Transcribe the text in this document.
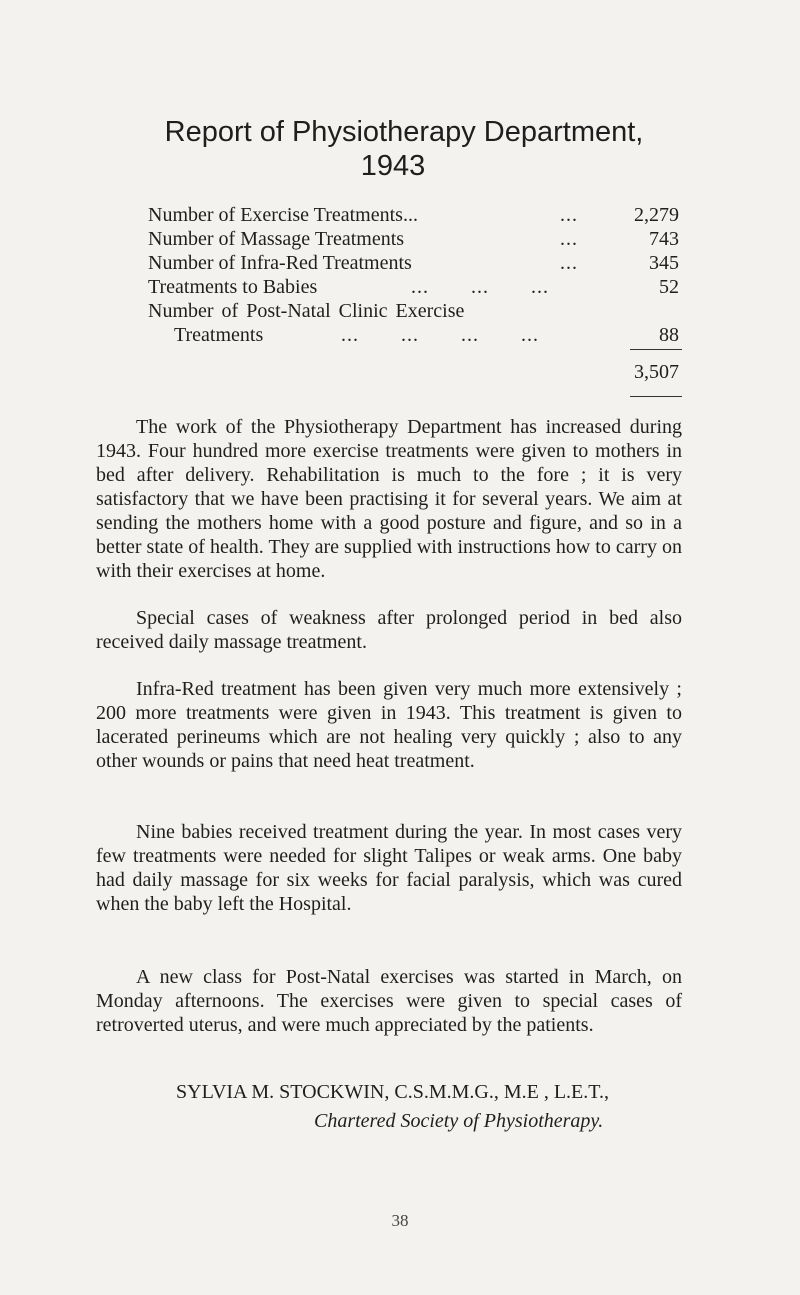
Report of Physiotherapy Department,
1943
Number of Exercise Treatments...	...	2,279
Number of Massage Treatments	...	743
Number of Infra-Red Treatments	...	345
Treatments to Babies	...       ...       ...	52
Number of Post-Natal Clinic Exercise
Treatments	...       ...       ...       ...	88
3,507

The work of the Physiotherapy Department has increased during 1943. Four hundred more exercise treatments were given to mothers in bed after delivery. Rehabilitation is much to the fore ; it is very satisfactory that we have been practising it for several years. We aim at sending the mothers home with a good posture and figure, and so in a better state of health. They are supplied with instructions how to carry on with their exercises at home.

Special cases of weakness after prolonged period in bed also received daily massage treatment.

Infra-Red treatment has been given very much more extensively ; 200 more treatments were given in 1943. This treatment is given to lacerated perineums which are not healing very quickly ; also to any other wounds or pains that need heat treatment.

Nine babies received treatment during the year. In most cases very few treatments were needed for slight Talipes or weak arms. One baby had daily massage for six weeks for facial paralysis, which was cured when the baby left the Hospital.

A new class for Post-Natal exercises was started in March, on Monday afternoons. The exercises were given to special cases of retroverted uterus, and were much appreciated by the patients.

SYLVIA M. STOCKWIN, C.S.M.M.G., M.E , L.E.T.,
Chartered Society of Physiotherapy.
38
